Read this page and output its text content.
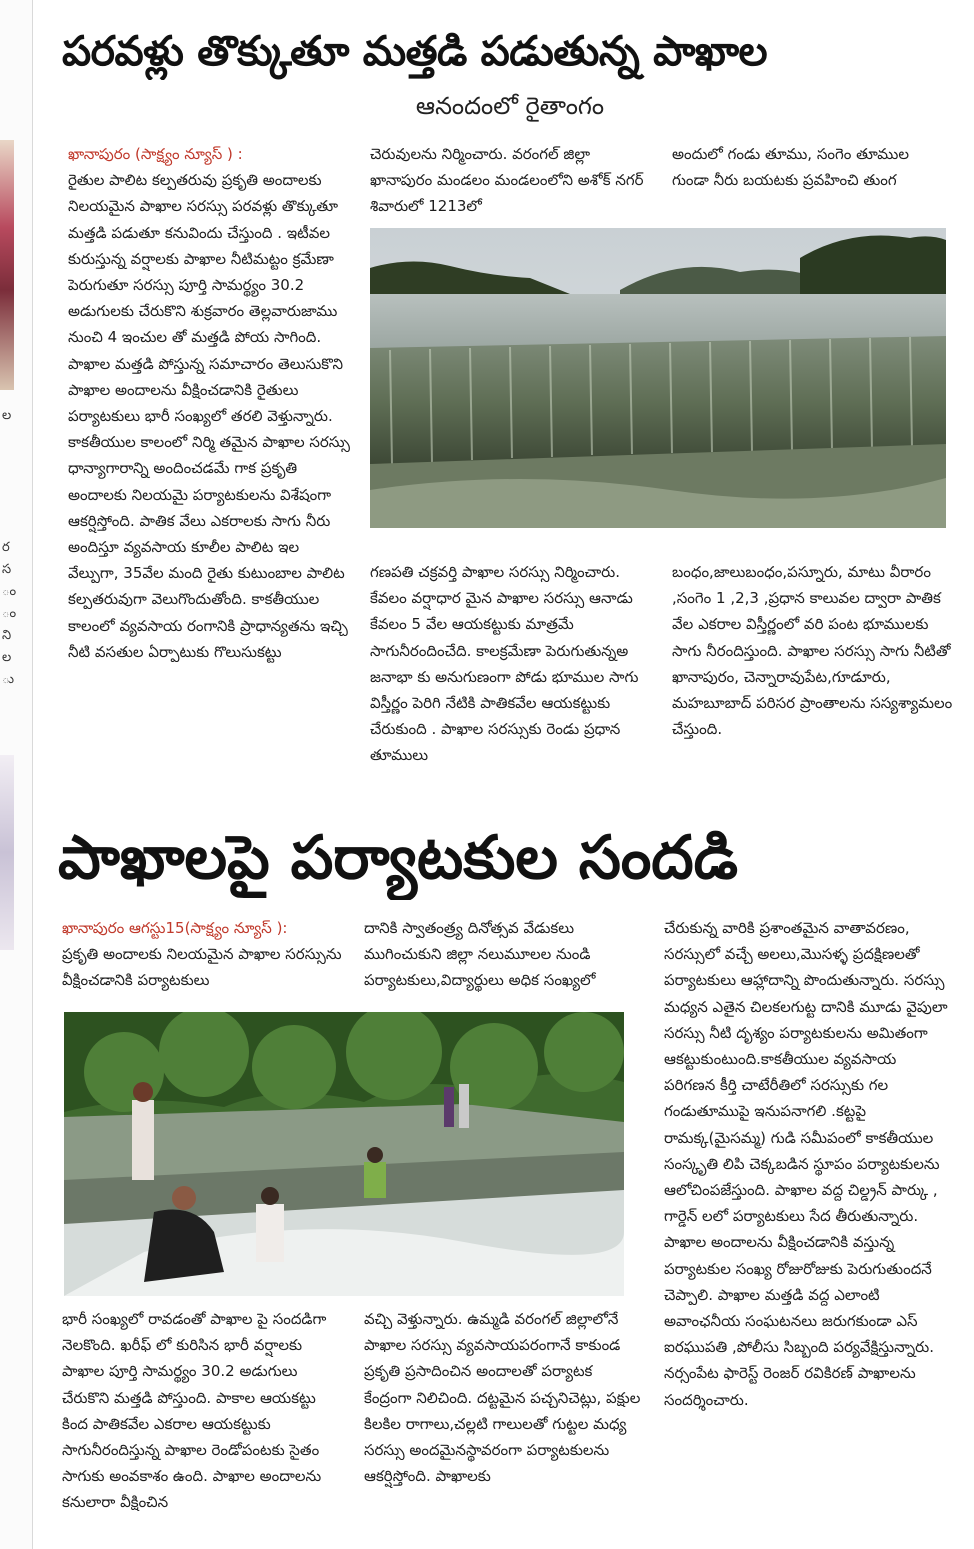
ల

ర
స
ం
ం
ని
ల
ు
పరవళ్లు తొక్కుతూ మత్తడి పడుతున్న పాఖాల
ఆనందంలో రైతాంగం

ఖానాపురం (సాక్ష్యం న్యూస్ ) :

రైతుల పాలిట కల్పతరువు ప్రకృతి అందాలకు నిలయమైన పాఖాల సరస్సు పరవళ్లు తొక్కుతూ మత్తడి పడుతూ కనువిందు చేస్తుంది . ఇటీవల కురుస్తున్న వర్షాలకు పాఖాల నీటిమట్టం క్రమేణా పెరుగుతూ సరస్సు పూర్తి సామర్థ్యం 30.2 అడుగులకు చేరుకొని శుక్రవారం తెల్లవారుజాము నుంచి 4 ఇంచుల తో మత్తడి పోయ సాగింది. పాఖాల మత్తడి పోస్తున్న సమాచారం తెలుసుకొని పాఖాల అందాలను వీక్షించడానికి రైతులు పర్యాటకులు భారీ సంఖ్యలో తరలి వెళ్తున్నారు. కాకతీయుల కాలంలో నిర్మి తమైన పాఖాల సరస్సు ధాన్యాగారాన్ని అందించడమే గాక ప్రకృతి అందాలకు నిలయమై పర్యాటకులను విశేషంగా ఆకర్షిస్తోంది. పాతిక వేలు ఎకరాలకు సాగు నీరు అందిస్తూ వ్యవసాయ కూలీల పాలిట ఇల వేల్పుగా, 35వేల మంది రైతు కుటుంబాల పాలిట కల్పతరువుగా వెలుగొందుతోంది. కాకతీయుల కాలంలో వ్యవసాయ రంగానికి ప్రాధాన్యతను ఇచ్చి నీటి వసతుల ఏర్పాటుకు గొలుసుకట్టు

చెరువులను నిర్మించారు. వరంగల్ జిల్లా ఖానాపురం మండలం మండలంలోని అశోక్ నగర్ శివారులో 1213లో

అందులో గండు తూము, సంగెం తూముల గుండా నీరు బయటకు ప్రవహించి తుంగ

గణపతి చక్రవర్తి పాఖాల సరస్సు నిర్మించారు. కేవలం వర్షాధార మైన పాఖాల సరస్సు ఆనాడు కేవలం 5 వేల ఆయకట్టుకు మాత్రమే సాగునీరందించేది. కాలక్రమేణా పెరుగుతున్నఅ జనాభా కు అనుగుణంగా పోడు భూముల సాగు విస్తీర్ణం పెరిగి నేటికి పాతికవేల ఆయకట్టుకు చేరుకుంది . పాఖాల సరస్సుకు రెండు ప్రధాన తూములు

బంధం,జాలుబంధం,పస్నూరు, మాటు వీరారం ,సంగెం 1 ,2,3 ,ప్రధాన కాలువల ద్వారా పాతిక వేల ఎకరాల విస్తీర్ణంలో వరి పంట భూములకు సాగు నీరందిస్తుంది. పాఖాల సరస్సు సాగు నీటితో ఖానాపురం, చెన్నారావుపేట,గూడూరు, మహబూబాద్ పరిసర ప్రాంతాలను సస్యశ్యామలం చేస్తుంది.

పాఖాలపై పర్యాటకుల సందడి

ఖానాపురం ఆగస్టు15(సాక్ష్యం న్యూస్ ):

ప్రకృతి అందాలకు నిలయమైన పాఖాల సరస్సును వీక్షించడానికి పర్యాటకులు

దానికి స్వాతంత్ర్య దినోత్సవ వేడుకలు ముగించుకుని జిల్లా నలుమూలల నుండి పర్యాటకులు,విద్యార్థులు అధిక సంఖ్యలో

భారీ సంఖ్యలో రావడంతో పాఖాల పై సందడిగా నెలకొంది. ఖరీఫ్ లో కురిసిన భారీ వర్షాలకు పాఖాల పూర్తి సామర్థ్యం 30.2 అడుగులు చేరుకొని మత్తడి పోస్తుంది. పాకాల ఆయకట్టు కింద పాతికవేల ఎకరాల ఆయకట్టుకు సాగునీరందిస్తున్న పాఖాల రెండోపంటకు సైతం సాగుకు అంవకాశం ఉంది. పాఖాల అందాలను కనులారా వీక్షించిన

వచ్చి వెళ్తున్నారు. ఉమ్మడి వరంగల్ జిల్లాలోనే పాఖాల సరస్సు వ్యవసాయపరంగానే కాకుండ ప్రకృతి ప్రసాదించిన అందాలతో పర్యాటక కేంద్రంగా నిలిచింది. దట్టమైన పచ్చనిచెట్లు, పక్షుల కిలకిల రాగాలు,చల్లటి గాలులతో గుట్టల మధ్య సరస్సు అందమైనస్థావరంగా పర్యాటకులను ఆకర్షిస్తోంది. పాఖాలకు

చేరుకున్న వారికి ప్రశాంతమైన వాతావరణం, సరస్సులో వచ్చే అలలు,మొసళ్ళ ప్రదక్షిణలతో పర్యాటకులు ఆహ్లాదాన్ని పొందుతున్నారు. సరస్సు మధ్యన ఎతైన చిలకలగుట్ట దానికి మూడు వైపులా సరస్సు నీటి దృశ్యం పర్యాటకులను అమితంగా ఆకట్టుకుంటుంది.కాకతీయుల వ్యవసాయ పరిగణన కీర్తి చాటేరీతిలో సరస్సుకు గల గండుతూముపై ఇనుపనాగలి .కట్టపై రామక్క(మైసమ్మ) గుడి సమీపంలో కాకతీయుల సంస్కృతి లిపి చెక్కబడిన స్థూపం పర్యాటకులను ఆలోచింపజేస్తుంది. పాఖాల వద్ద చిల్డ్రన్ పార్కు , గార్డెన్ లలో పర్యాటకులు సేద తీరుతున్నారు. పాఖాల అందాలను వీక్షించడానికి వస్తున్న పర్యాటకుల సంఖ్య రోజురోజుకు పెరుగుతుందనే చెప్పాలి. పాఖాల మత్తడి వద్ద ఎలాంటి అవాంఛనీయ సంఘటనలు జరుగకుండా ఎస్ ఐరఘుపతి ,పోలీసు సిబ్బంది పర్యవేక్షిస్తున్నారు. నర్సంపేట ఫారెస్ట్ రెంజర్ రవికిరణ్ పాఖాలను సందర్శించారు.
